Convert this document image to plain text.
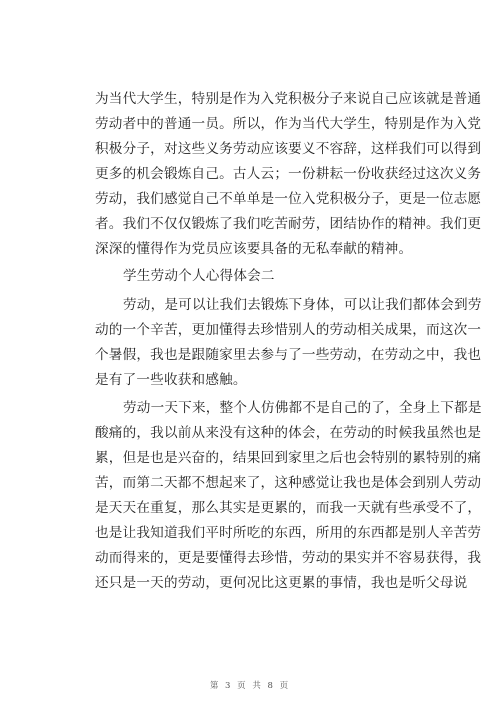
为当代大学生，特别是作为入党积极分子来说自己应该就是普通
劳动者中的普通一员。所以，作为当代大学生，特别是作为入党
积极分子，对这些义务劳动应该要义不容辞，这样我们可以得到
更多的机会锻炼自己。古人云；一份耕耘一份收获经过这次义务
劳动，我们感觉自己不单单是一位入党积极分子，更是一位志愿
者。我们不仅仅锻炼了我们吃苦耐劳，团结协作的精神。我们更
深深的懂得作为党员应该要具备的无私奉献的精神。
学生劳动个人心得体会二
劳动，是可以让我们去锻炼下身体，可以让我们都体会到劳
动的一个辛苦，更加懂得去珍惜别人的劳动相关成果，而这次一
个暑假，我也是跟随家里去参与了一些劳动，在劳动之中，我也
是有了一些收获和感触。
劳动一天下来，整个人仿佛都不是自己的了，全身上下都是
酸痛的，我以前从来没有这种的体会，在劳动的时候我虽然也是
累，但是也是兴奋的，结果回到家里之后也会特别的累特别的痛
苦，而第二天都不想起来了，这种感觉让我也是体会到别人劳动
是天天在重复，那么其实是更累的，而我一天就有些承受不了，
也是让我知道我们平时所吃的东西，所用的东西都是别人辛苦劳
动而得来的，更是要懂得去珍惜，劳动的果实并不容易获得，我
还只是一天的劳动，更何况比这更累的事情，我也是听父母说
第 3 页 共 8 页
